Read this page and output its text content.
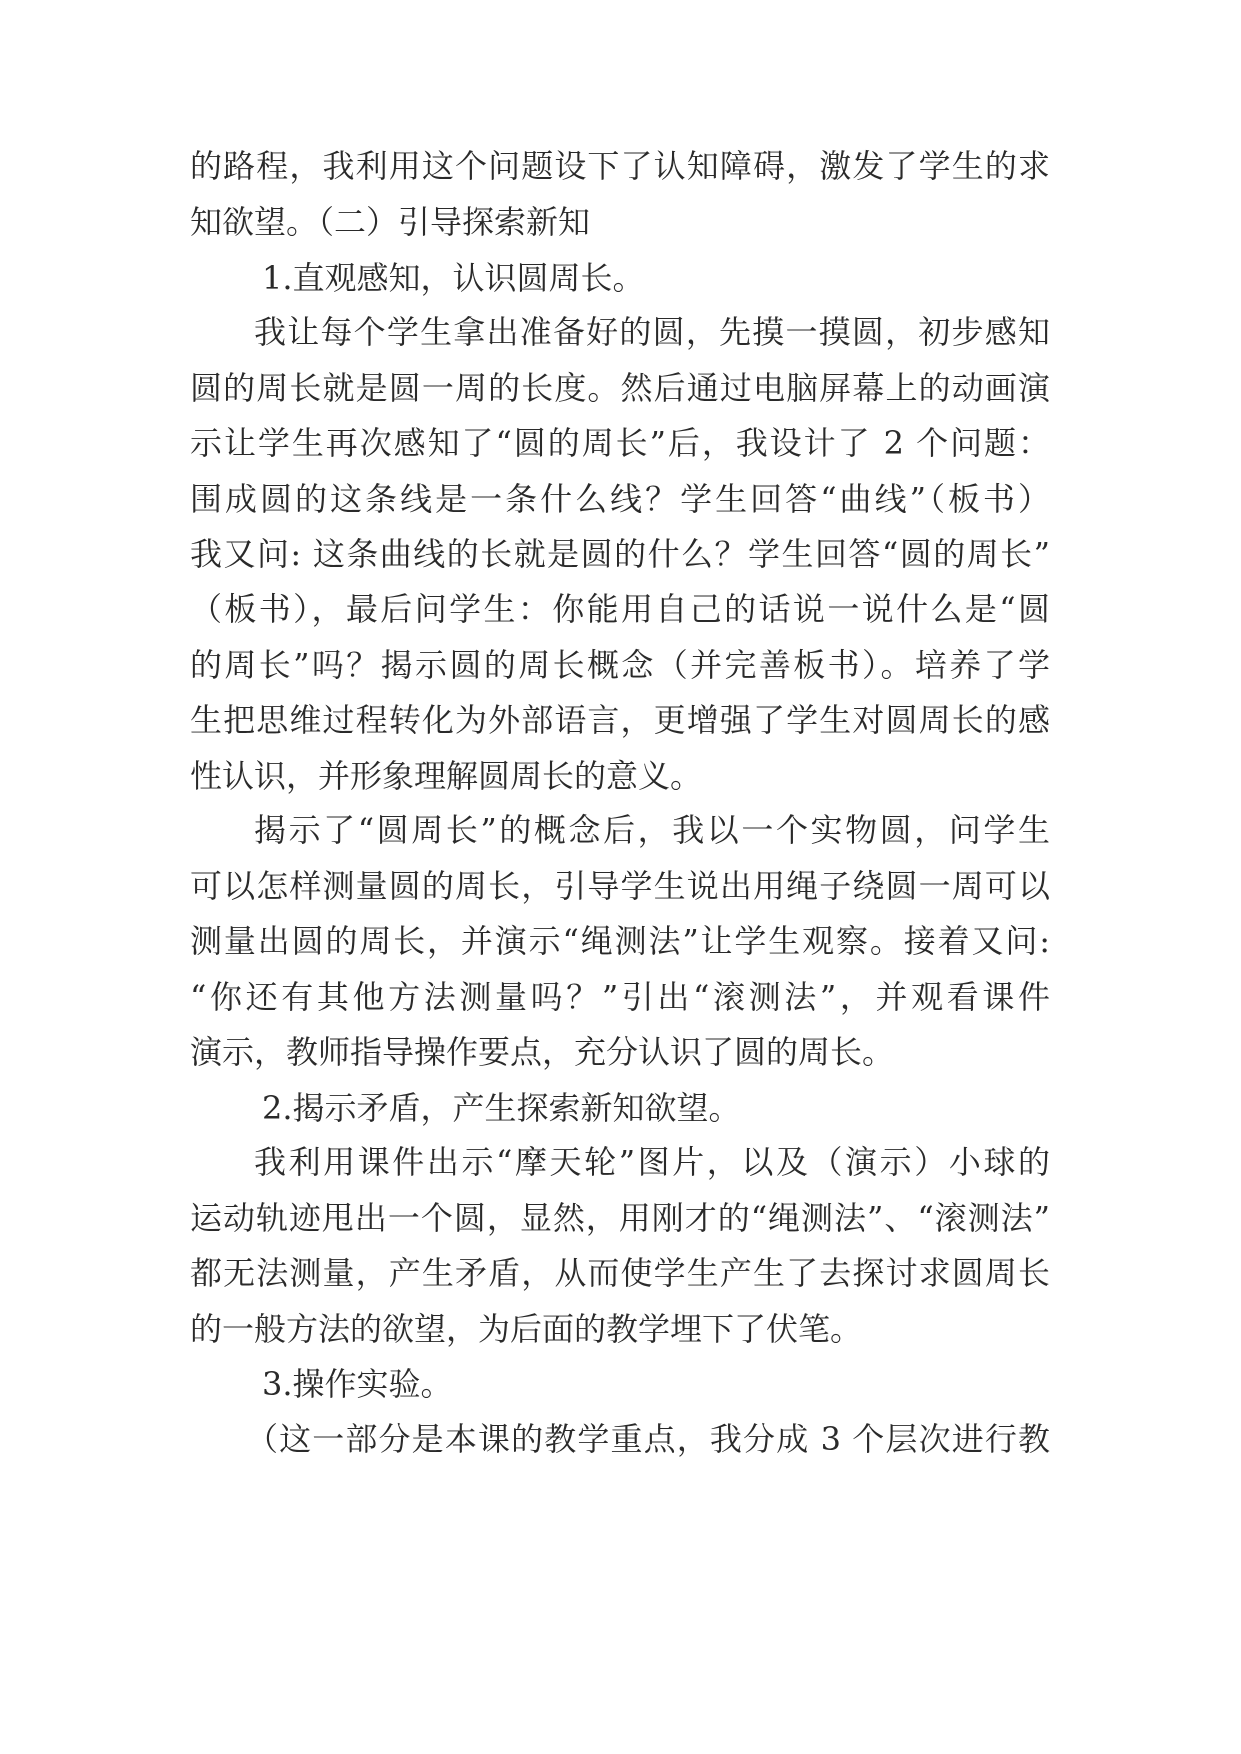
的路程，我利用这个问题设下了认知障碍，激发了学生的求

知欲望。（二）引导探索新知

1.直观感知，认识圆周长。

我让每个学生拿出准备好的圆，先摸一摸圆，初步感知

圆的周长就是圆一周的长度。然后通过电脑屏幕上的动画演

示让学生再次感知了“圆的周长”后，我设计了 2 个问题：

围成圆的这条线是一条什么线？学生回答“曲线”（板书）

我又问: 这条曲线的长就是圆的什么？学生回答“圆的周长”

（板书），最后问学生：你能用自己的话说一说什么是“圆

的周长”吗？揭示圆的周长概念（并完善板书）。培养了学

生把思维过程转化为外部语言，更增强了学生对圆周长的感

性认识，并形象理解圆周长的意义。

揭示了“圆周长”的概念后，我以一个实物圆，问学生

可以怎样测量圆的周长，引导学生说出用绳子绕圆一周可以

测量出圆的周长，并演示“绳测法”让学生观察。接着又问:

“你还有其他方法测量吗？”引出“滚测法”，并观看课件

演示，教师指导操作要点，充分认识了圆的周长。

2.揭示矛盾，产生探索新知欲望。

我利用课件出示“摩天轮”图片，以及（演示）小球的

运动轨迹甩出一个圆，显然，用刚才的“绳测法”、“滚测法”

都无法测量，产生矛盾，从而使学生产生了去探讨求圆周长

的一般方法的欲望，为后面的教学埋下了伏笔。

3.操作实验。

（这一部分是本课的教学重点，我分成 3 个层次进行教
